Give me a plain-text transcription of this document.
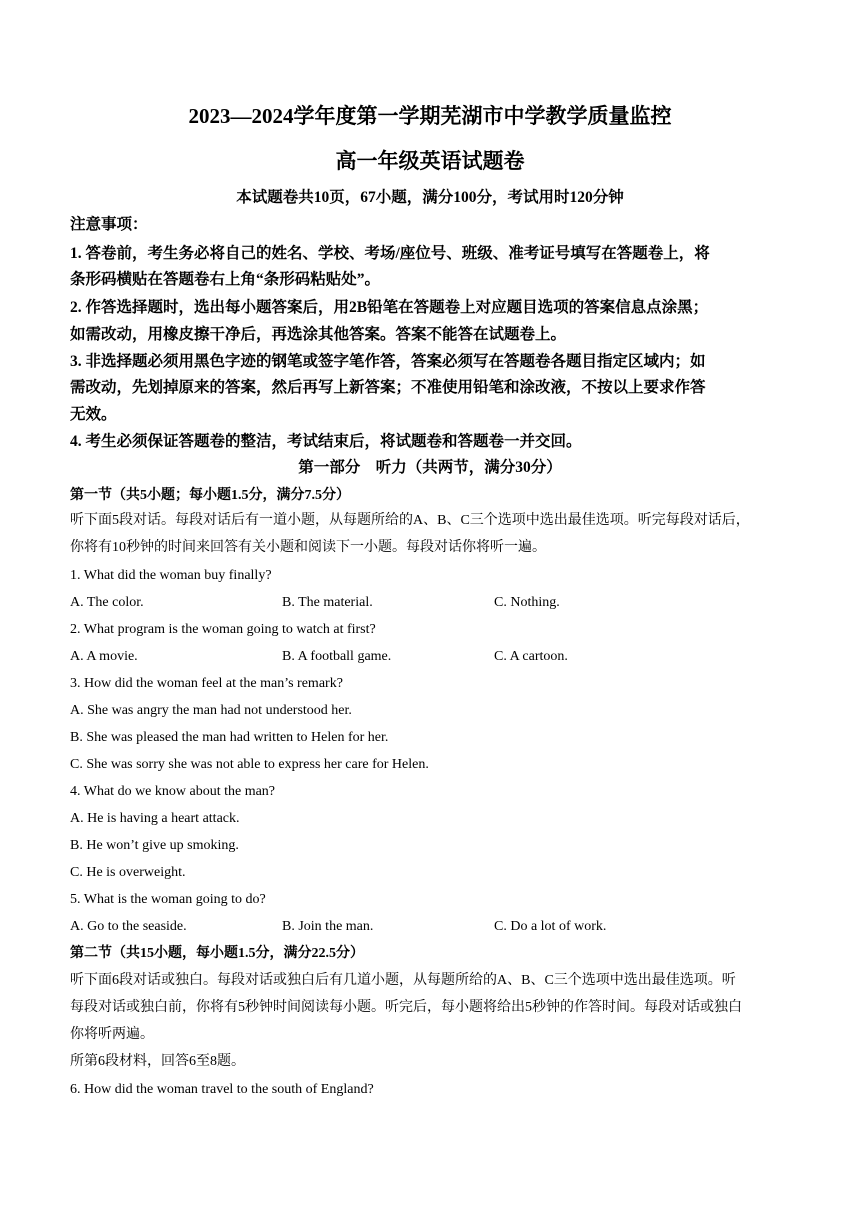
2023—2024学年度第一学期芜湖市中学教学质量监控
高一年级英语试题卷
本试题卷共10页，67小题，满分100分，考试用时120分钟
注意事项：
1. 答卷前，考生务必将自己的姓名、学校、考场/座位号、班级、准考证号填写在答题卷上，将
条形码横贴在答题卷右上角“条形码粘贴处”。
2. 作答选择题时，选出每小题答案后，用2B铅笔在答题卷上对应题目选项的答案信息点涂黑；
如需改动，用橡皮擦干净后，再选涂其他答案。答案不能答在试题卷上。
3. 非选择题必须用黑色字迹的钢笔或签字笔作答，答案必须写在答题卷各题目指定区域内；如
需改动，先划掉原来的答案，然后再写上新答案；不准使用铅笔和涂改液，不按以上要求作答
无效。
4. 考生必须保证答题卷的整洁，考试结束后，将试题卷和答题卷一并交回。
第一部分    听力（共两节，满分30分）
第一节（共5小题；每小题1.5分，满分7.5分）
听下面5段对话。每段对话后有一道小题，从每题所给的A、B、C三个选项中选出最佳选项。听完每段对话后，
你将有10秒钟的时间来回答有关小题和阅读下一小题。每段对话你将听一遍。
1. What did the woman buy finally?
A. The color.	B. The material.	C. Nothing.
2. What program is the woman going to watch at first?
A. A movie.	B. A football game.	C. A cartoon.
3. How did the woman feel at the man’s remark?
A. She was angry the man had not understood her.
B. She was pleased the man had written to Helen for her.
C. She was sorry she was not able to express her care for Helen.
4. What do we know about the man?
A. He is having a heart attack.
B. He won’t give up smoking.
C. He is overweight.
5. What is the woman going to do?
A. Go to the seaside.	B. Join the man.	C. Do a lot of work.
第二节（共15小题，每小题1.5分，满分22.5分）
听下面6段对话或独白。每段对话或独白后有几道小题，从每题所给的A、B、C三个选项中选出最佳选项。听
每段对话或独白前，你将有5秒钟时间阅读每小题。听完后，每小题将给出5秒钟的作答时间。每段对话或独白
你将听两遍。
所第6段材料，回答6至8题。
6. How did the woman travel to the south of England?
